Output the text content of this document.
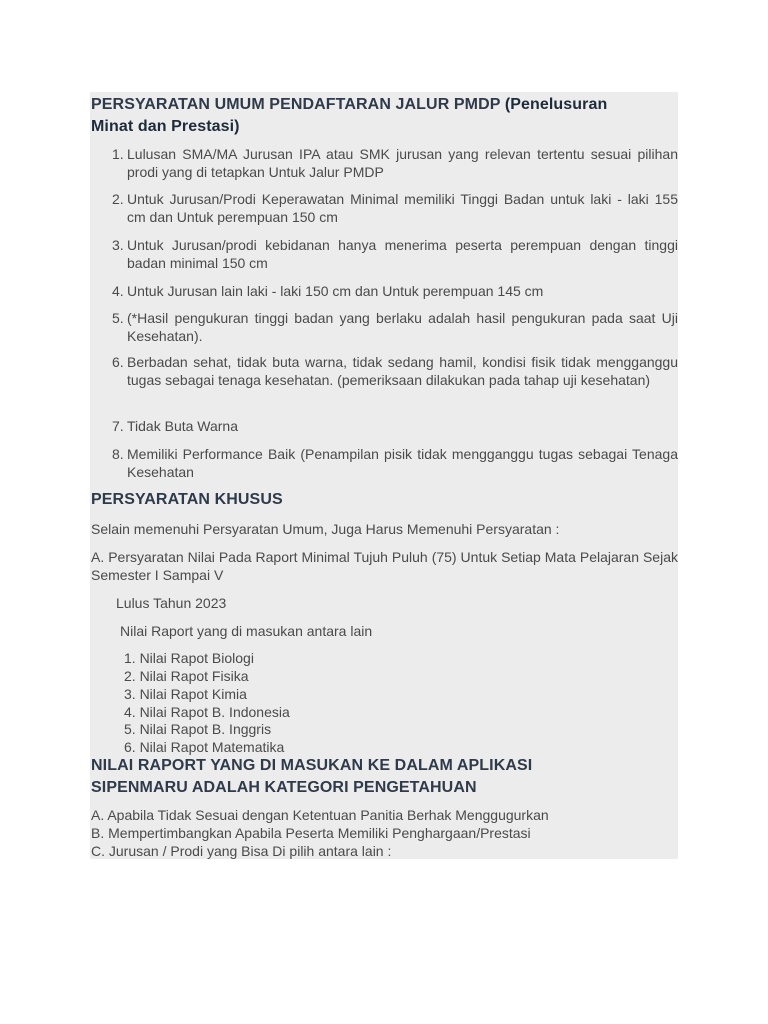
PERSYARATAN UMUM PENDAFTARAN JALUR PMDP (Penelusuran
Minat dan Prestasi)
1. Lulusan SMA/MA Jurusan IPA atau SMK jurusan yang relevan tertentu sesuai pilihan prodi yang di tetapkan Untuk Jalur PMDP
2. Untuk Jurusan/Prodi Keperawatan Minimal memiliki Tinggi Badan untuk laki - laki 155 cm dan Untuk perempuan 150 cm
3. Untuk Jurusan/prodi kebidanan hanya menerima peserta perempuan dengan tinggi badan minimal 150 cm
4. Untuk Jurusan lain laki - laki 150 cm dan Untuk perempuan 145 cm
5. (*Hasil pengukuran tinggi badan yang berlaku adalah hasil pengukuran pada saat Uji Kesehatan).
6. Berbadan sehat, tidak buta warna, tidak sedang hamil, kondisi fisik tidak mengganggu tugas sebagai tenaga kesehatan. (pemeriksaan dilakukan pada tahap uji kesehatan)
7. Tidak Buta Warna
8. Memiliki Performance Baik (Penampilan pisik tidak mengganggu tugas sebagai Tenaga Kesehatan
PERSYARATAN KHUSUS
Selain memenuhi Persyaratan Umum, Juga Harus Memenuhi Persyaratan :
A. Persyaratan Nilai Pada Raport Minimal Tujuh Puluh (75) Untuk Setiap Mata Pelajaran Sejak Semester I Sampai V
Lulus Tahun 2023
Nilai Raport yang di masukan antara lain
1. Nilai Rapot Biologi
2. Nilai Rapot Fisika
3. Nilai Rapot Kimia
4. Nilai Rapot B. Indonesia
5. Nilai Rapot B. Inggris
6. Nilai Rapot Matematika
NILAI RAPORT YANG DI MASUKAN KE DALAM APLIKASI
SIPENMARU ADALAH KATEGORI PENGETAHUAN
A. Apabila Tidak Sesuai dengan Ketentuan Panitia Berhak Menggugurkan
B. Mempertimbangkan Apabila Peserta Memiliki Penghargaan/Prestasi
C. Jurusan / Prodi yang Bisa Di pilih antara lain :
